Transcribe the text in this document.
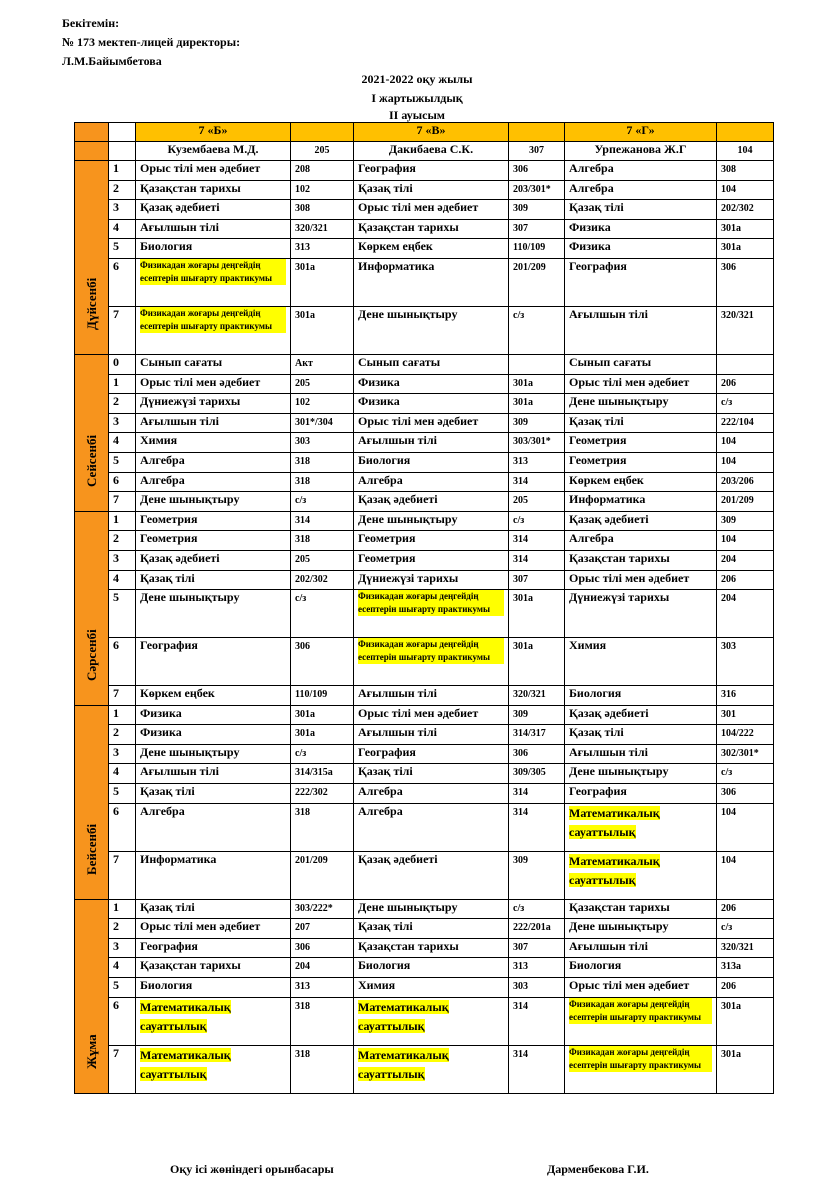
Бекітемін:
№ 173 мектеп-лицей директоры:
Л.М.Байымбетова
2021-2022 оқу жылы
І жартыжылдық
ІІ ауысым
		7 «Б»		7 «В»		7 «Г»	
		Кузембаева М.Д.	205	Дакибаева С.К.	307	Урпежанова Ж.Г	104

Дүйсенбі	1	Орыс тілі мен әдебиет	208	География	306	Алгебра	308
	2	Қазақстан тарихы	102	Қазақ тілі	203/301*	Алгебра	104
	3	Қазақ әдебиеті	308	Орыс тілі мен әдебиет	309	Қазақ тілі	202/302
	4	Ағылшын тілі	320/321	Қазақстан тарихы	307	Физика	301а
	5	Биология	313	Көркем еңбек	110/109	Физика	301а
	6	Физикадан жоғары деңгейдің есептерін шығарту практикумы	301а	Информатика	201/209	География	306
	7	Физикадан жоғары деңгейдің есептерін шығарту практикумы	301а	Дене шынықтыру	с/з	Ағылшын тілі	320/321

Сейсенбі	0	Сынып сағаты	Акт	Сынып сағаты		Сынып сағаты	
	1	Орыс тілі мен әдебиет	205	Физика	301а	Орыс тілі мен әдебиет	206
	2	Дүниежүзі тарихы	102	Физика	301а	Дене шынықтыру	с/з
	3	Ағылшын тілі	301*/304	Орыс тілі мен әдебиет	309	Қазақ тілі	222/104
	4	Химия	303	Ағылшын тілі	303/301*	Геометрия	104
	5	Алгебра	318	Биология	313	Геометрия	104
	6	Алгебра	318	Алгебра	314	Көркем еңбек	203/206
	7	Дене шынықтыру	с/з	Қазақ әдебиеті	205	Информатика	201/209

Сәрсенбі	1	Геометрия	314	Дене шынықтыру	с/з	Қазақ әдебиеті	309
	2	Геометрия	318	Геометрия	314	Алгебра	104
	3	Қазақ әдебиеті	205	Геометрия	314	Қазақстан тарихы	204
	4	Қазақ тілі	202/302	Дүниежүзі тарихы	307	Орыс тілі мен әдебиет	206
	5	Дене шынықтыру	с/з	Физикадан жоғары деңгейдің есептерін шығарту практикумы	301а	Дүниежүзі тарихы	204
	6	География	306	Физикадан жоғары деңгейдің есептерін шығарту практикумы	301а	Химия	303
	7	Көркем еңбек	110/109	Ағылшын тілі	320/321	Биология	316

Бейсенбі	1	Физика	301а	Орыс тілі мен әдебиет	309	Қазақ әдебиеті	301
	2	Физика	301а	Ағылшын тілі	314/317	Қазақ тілі	104/222
	3	Дене шынықтыру	с/з	География	306	Ағылшын тілі	302/301*
	4	Ағылшын тілі	314/315а	Қазақ тілі	309/305	Дене шынықтыру	с/з
	5	Қазақ тілі	222/302	Алгебра	314	География	306
	6	Алгебра	318	Алгебра	314	Математикалық сауаттылық	104
	7	Информатика	201/209	Қазақ әдебиеті	309	Математикалық сауаттылық	104

Жұма	1	Қазақ тілі	303/222*	Дене шынықтыру	с/з	Қазақстан тарихы	206
	2	Орыс тілі мен әдебиет	207	Қазақ тілі	222/201а	Дене шынықтыру	с/з
	3	География	306	Қазақстан тарихы	307	Ағылшын тілі	320/321
	4	Қазақстан тарихы	204	Биология	313	Биология	313а
	5	Биология	313	Химия	303	Орыс тілі мен әдебиет	206
	6	Математикалық сауаттылық	318	Математикалық сауаттылық	314	Физикадан жоғары деңгейдің есептерін шығарту практикумы	301а
	7	Математикалық сауаттылық	318	Математикалық сауаттылық	314	Физикадан жоғары деңгейдің есептерін шығарту практикумы	301а
Оқу ісі жөніндегі орынбасары	Дарменбекова Г.И.
